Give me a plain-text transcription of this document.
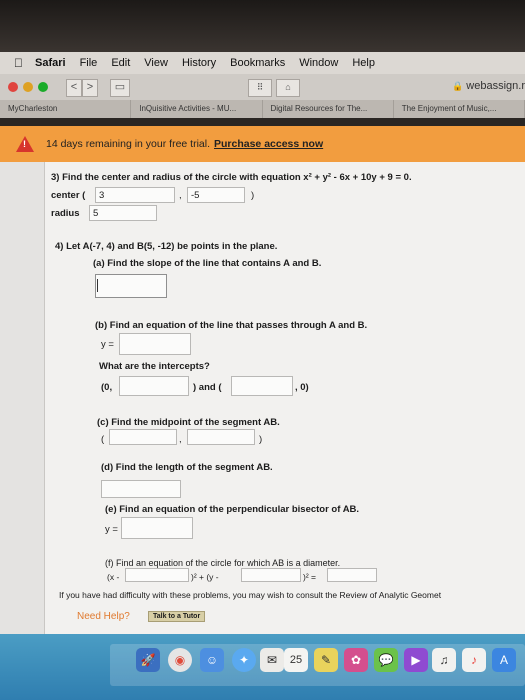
Safari File Edit View History Bookmarks Window Help
< >	▭	⠿	⌂	🔒 webassign.r
MyCharleston	InQuisitive Activities - MU...	Digital Resources for The...	The Enjoyment of Music,...
! 14 days remaining in your free trial. Purchase access now
3) Find the center and radius of the circle with equation x² + y² - 6x + 10y + 9 = 0.
center (	3	, -5	)
radius	5
4) Let A(-7, 4) and B(5, -12) be points in the plane.
(a) Find the slope of the line that contains A and B.
(b) Find an equation of the line that passes through A and B.
y =
What are the intercepts?
(0,	) and (	, 0)
(c) Find the midpoint of the segment AB.
(	,	)
(d) Find the length of the segment AB.
(e) Find an equation of the perpendicular bisector of AB.
y =
(f) Find an equation of the circle for which AB is a diameter.
(x -	)² + (y -	)² =
If you have had difficulty with these problems, you may wish to consult the Review of Analytic Geomet
Need Help?	Talk to a Tutor
🚀	◉	☺	✦	✉	25	✎	✿	💬	▶	♫	♪	A
